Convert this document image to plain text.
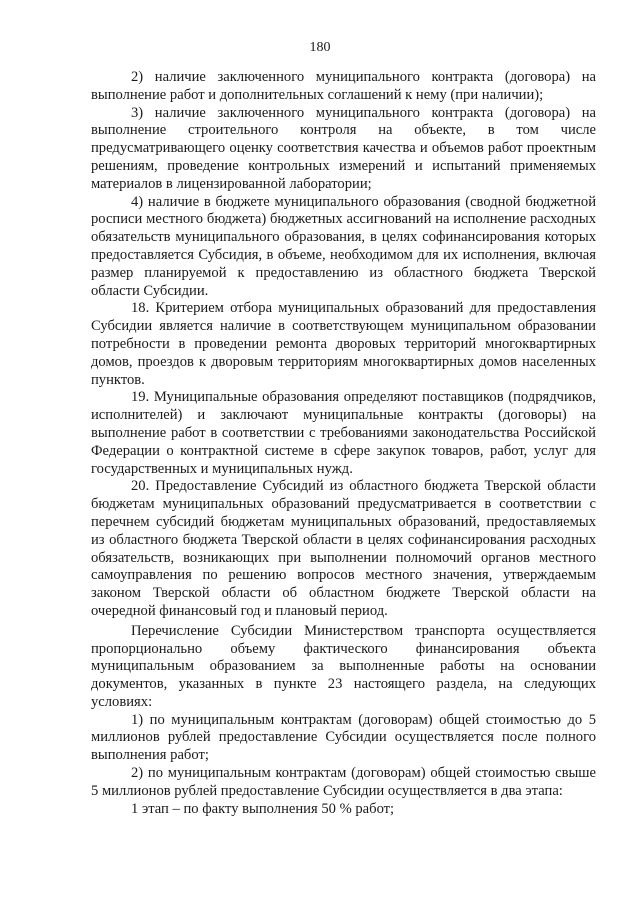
180

2) наличие заключенного муниципального контракта (договора) на выполнение работ и дополнительных соглашений к нему (при наличии);

3) наличие заключенного муниципального контракта (договора) на выполнение строительного контроля на объекте, в том числе предусматривающего оценку соответствия качества и объемов работ проектным решениям, проведение контрольных измерений и испытаний применяемых материалов в лицензированной лаборатории;

4) наличие в бюджете муниципального образования (сводной бюджетной росписи местного бюджета) бюджетных ассигнований на исполнение расходных обязательств муниципального образования, в целях софинансирования которых предоставляется Субсидия, в объеме, необходимом для их исполнения, включая размер планируемой к предоставлению из областного бюджета Тверской области Субсидии.

18. Критерием отбора муниципальных образований для предоставления Субсидии является наличие в соответствующем муниципальном образовании потребности в проведении ремонта дворовых территорий многоквартирных домов, проездов к дворовым территориям многоквартирных домов населенных пунктов.

19. Муниципальные образования определяют поставщиков (подрядчиков, исполнителей) и заключают муниципальные контракты (договоры) на выполнение работ в соответствии с требованиями законодательства Российской Федерации о контрактной системе в сфере закупок товаров, работ, услуг для государственных и муниципальных нужд.

20. Предоставление Субсидий из областного бюджета Тверской области бюджетам муниципальных образований предусматривается в соответствии с перечнем субсидий бюджетам муниципальных образований, предоставляемых из областного бюджета Тверской области в целях софинансирования расходных обязательств, возникающих при выполнении полномочий органов местного самоуправления по решению вопросов местного значения, утверждаемым законом Тверской области об областном бюджете Тверской области на очередной финансовый год и плановый период.

Перечисление Субсидии Министерством транспорта осуществляется пропорционально объему фактического финансирования объекта муниципальным образованием за выполненные работы на основании документов, указанных в пункте 23 настоящего раздела, на следующих условиях:

1) по муниципальным контрактам (договорам) общей стоимостью до 5 миллионов рублей предоставление Субсидии осуществляется после полного выполнения работ;

2) по муниципальным контрактам (договорам) общей стоимостью свыше 5 миллионов рублей предоставление Субсидии осуществляется в два этапа:

1 этап – по факту выполнения 50 % работ;
